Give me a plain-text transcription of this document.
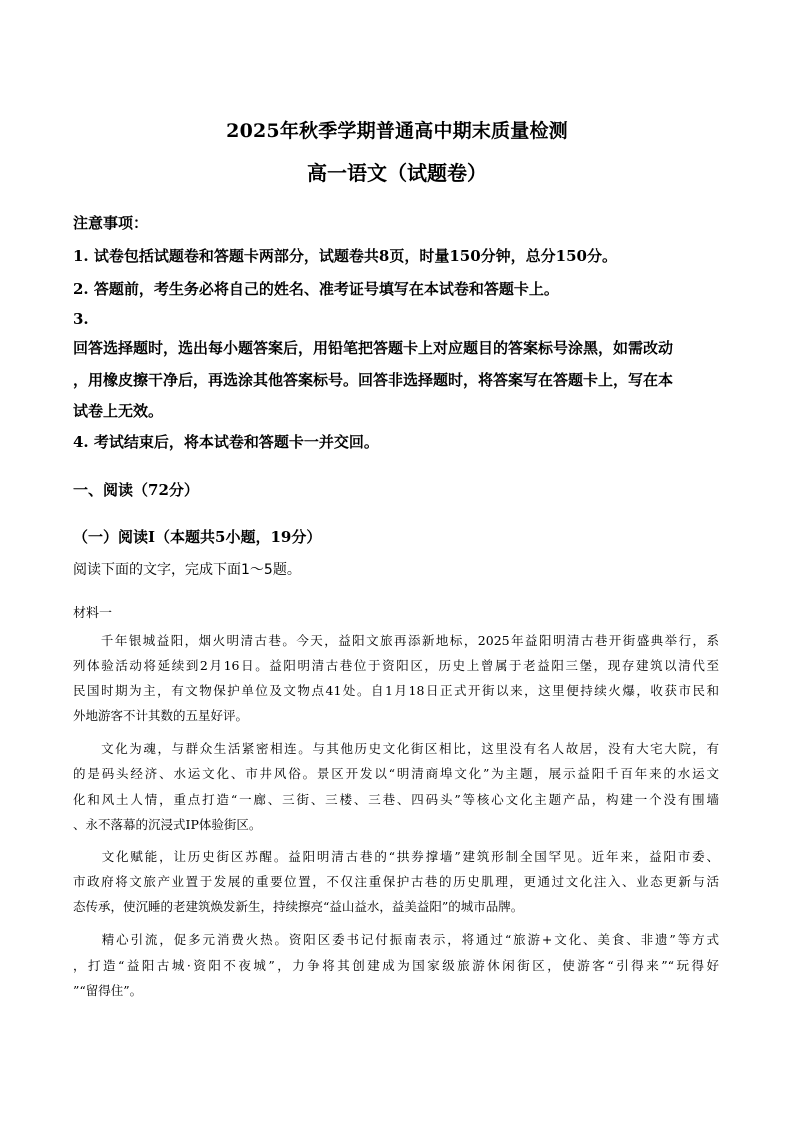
2025年秋季学期普通高中期末质量检测
高一语文（试题卷）
注意事项：
1. 试卷包括试题卷和答题卡两部分，试题卷共8页，时量150分钟，总分150分。
2. 答题前，考生务必将自己的姓名、准考证号填写在本试卷和答题卡上。
3.
回答选择题时，选出每小题答案后，用铅笔把答题卡上对应题目的答案标号涂黑，如需改动
，用橡皮擦干净后，再选涂其他答案标号。回答非选择题时，将答案写在答题卡上，写在本
试卷上无效。
4. 考试结束后，将本试卷和答题卡一并交回。
一、阅读（72分）
（一）阅读Ⅰ（本题共5小题，19分）
阅读下面的文字，完成下面1～5题。
材料一
　　千年银城益阳，烟火明清古巷。今天，益阳文旅再添新地标，2025年益阳明清古巷开街盛典举行，系
列体验活动将延续到2月16日。益阳明清古巷位于资阳区，历史上曾属于老益阳三堡，现存建筑以清代至
民国时期为主，有文物保护单位及文物点41处。自1月18日正式开街以来，这里便持续火爆，收获市民和
外地游客不计其数的五星好评。
　　文化为魂，与群众生活紧密相连。与其他历史文化街区相比，这里没有名人故居，没有大宅大院，有
的是码头经济、水运文化、市井风俗。景区开发以“明清商埠文化”为主题，展示益阳千百年来的水运文
化和风土人情，重点打造“一廊、三街、三楼、三巷、四码头”等核心文化主题产品，构建一个没有围墙
、永不落幕的沉浸式IP体验街区。
　　文化赋能，让历史街区苏醒。益阳明清古巷的“拱券撑墙”建筑形制全国罕见。近年来，益阳市委、
市政府将文旅产业置于发展的重要位置，不仅注重保护古巷的历史肌理，更通过文化注入、业态更新与活
态传承，使沉睡的老建筑焕发新生，持续擦亮“益山益水，益美益阳”的城市品牌。
　　精心引流，促多元消费火热。资阳区委书记付振南表示，将通过“旅游+文化、美食、非遗”等方式
，打造“益阳古城·资阳不夜城”，力争将其创建成为国家级旅游休闲街区，使游客“引得来”“玩得好
”“留得住”。
